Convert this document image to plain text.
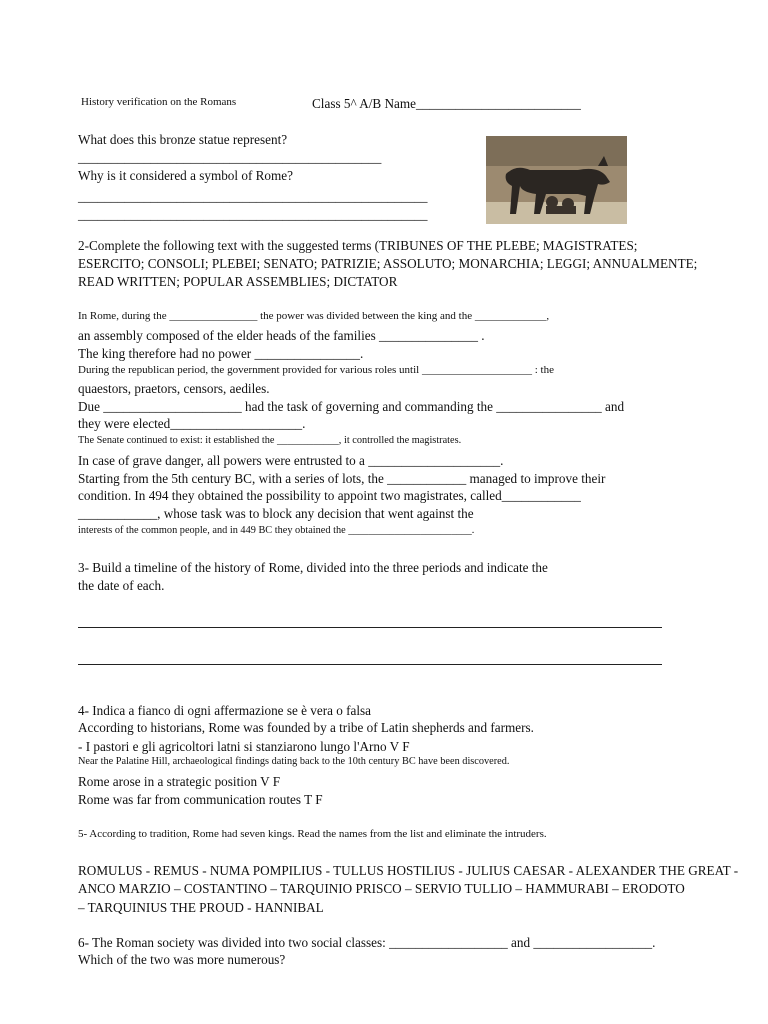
History verification on the Romans	Class 5^ A/B Name_________________________
What does this bronze statue represent?
______________________________________________
Why is it considered a symbol of Rome?
_____________________________________________________
_____________________________________________________
2-Complete the following text with the suggested terms (TRIBUNES OF THE PLEBE; MAGISTRATES;
ESERCITO; CONSOLI; PLEBEI; SENATO; PATRIZIE; ASSOLUTO; MONARCHIA; LEGGI; ANNUALMENTE;
READ WRITTEN; POPULAR ASSEMBLIES; DICTATOR
In Rome, during the ________________ the power was divided between the king and the _____________,
an assembly composed of the elder heads of the families _______________ .
The king therefore had no power ________________.
During the republican period, the government provided for various roles until ____________________ : the
quaestors, praetors, censors, aediles.
Due _____________________ had the task of governing and commanding the ________________ and
they were elected____________________.
The Senate continued to exist: it established the ____________, it controlled the magistrates.
In case of grave danger, all powers were entrusted to a ____________________.
Starting from the 5th century BC, with a series of lots, the ____________ managed to improve their
condition. In 494 they obtained the possibility to appoint two magistrates, called____________
____________, whose task was to block any decision that went against the
interests of the common people, and in 449 BC they obtained the ________________________.
3- Build a timeline of the history of Rome, divided into the three periods and indicate the
the date of each.
4- Indica a fianco di ogni affermazione se è vera o falsa
According to historians, Rome was founded by a tribe of Latin shepherds and farmers.
- I pastori e gli agricoltori latni si stanziarono lungo l'Arno V F
Near the Palatine Hill, archaeological findings dating back to the 10th century BC have been discovered.
Rome arose in a strategic position V F
Rome was far from communication routes T F
5- According to tradition, Rome had seven kings. Read the names from the list and eliminate the intruders.
ROMULUS - REMUS - NUMA POMPILIUS - TULLUS HOSTILIUS - JULIUS CAESAR - ALEXANDER THE GREAT -
ANCO MARZIO – COSTANTINO – TARQUINIO PRISCO – SERVIO TULLIO – HAMMURABI – ERODOTO
– TARQUINIUS THE PROUD - HANNIBAL
6- The Roman society was divided into two social classes: __________________ and __________________.
Which of the two was more numerous?
